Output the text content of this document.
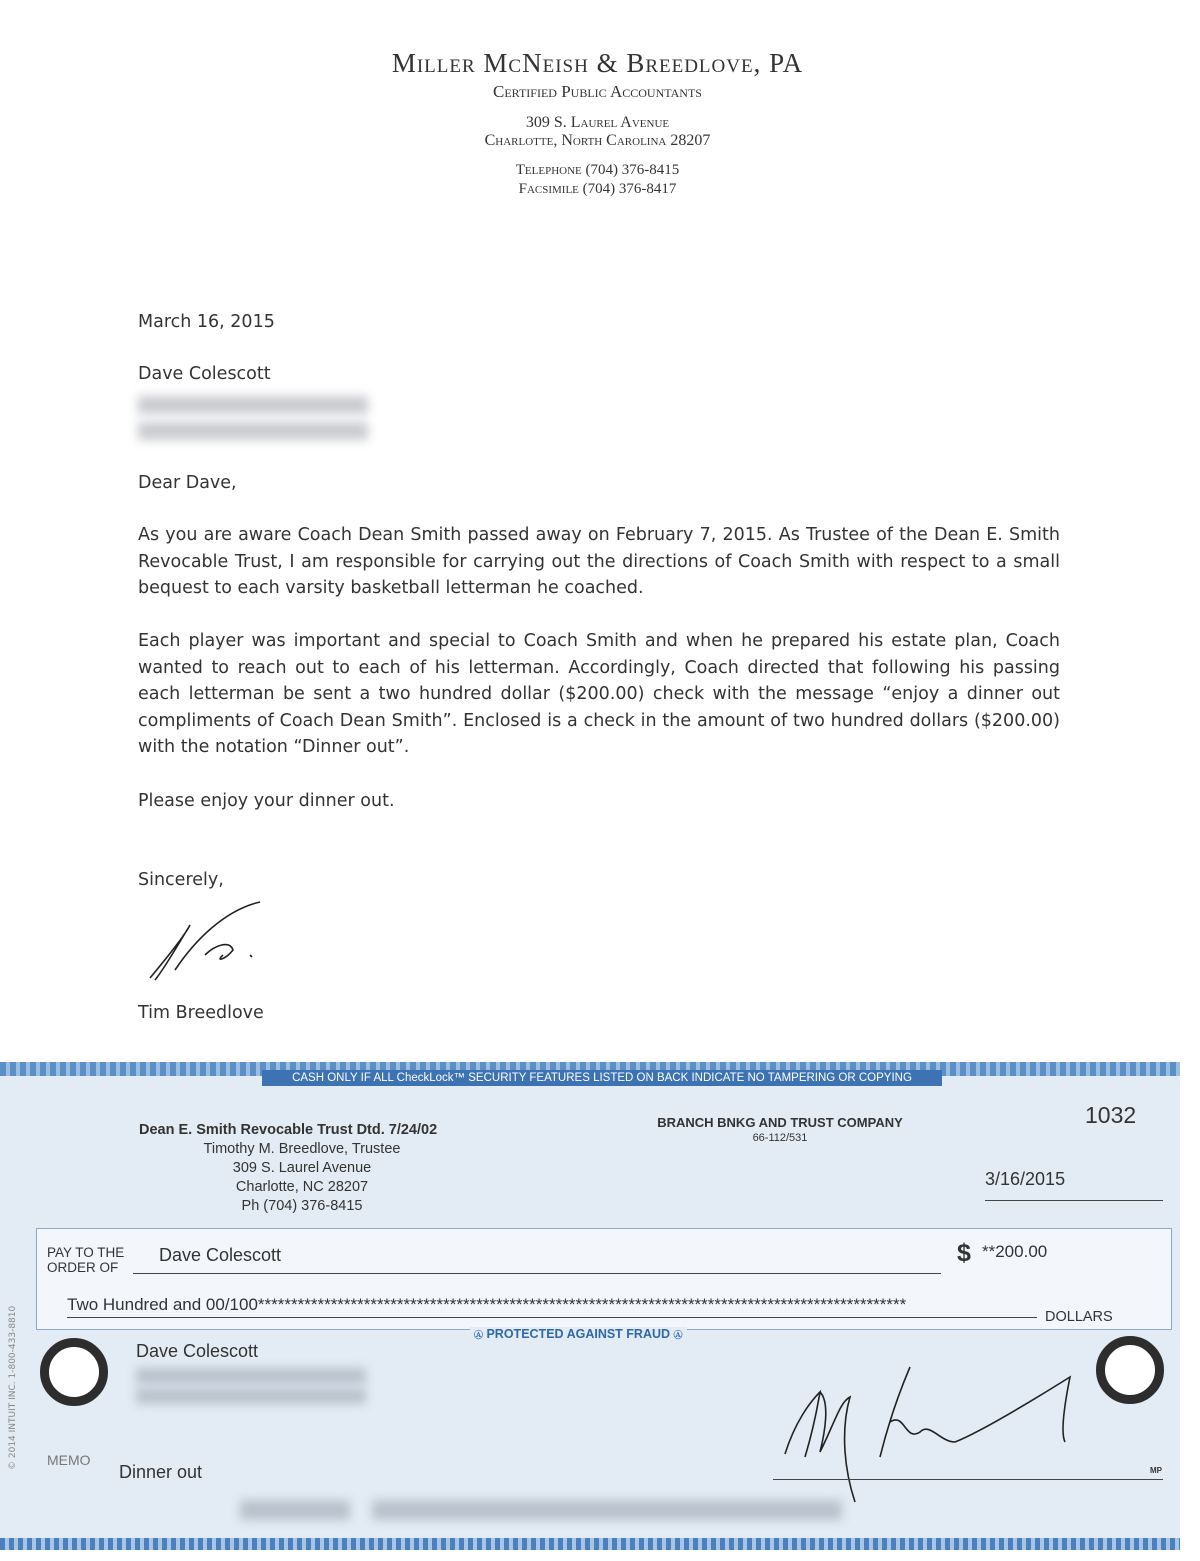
Miller McNeish & Breedlove, PA
Certified Public Accountants
309 S. Laurel Avenue
Charlotte, North Carolina 28207
Telephone (704) 376-8415
Facsimile (704) 376-8417
March 16, 2015
Dave Colescott
Dear Dave,
As you are aware Coach Dean Smith passed away on February 7, 2015. As Trustee of the Dean E. Smith Revocable Trust, I am responsible for carrying out the directions of Coach Smith with respect to a small bequest to each varsity basketball letterman he coached.
Each player was important and special to Coach Smith and when he prepared his estate plan, Coach wanted to reach out to each of his letterman. Accordingly, Coach directed that following his passing each letterman be sent a two hundred dollar ($200.00) check with the message “enjoy a dinner out compliments of Coach Dean Smith”. Enclosed is a check in the amount of two hundred dollars ($200.00) with the notation “Dinner out”.
Please enjoy your dinner out.
Sincerely,
Tim Breedlove
CASH ONLY IF ALL CheckLock™ SECURITY FEATURES LISTED ON BACK INDICATE NO TAMPERING OR COPYING
Dean E. Smith Revocable Trust Dtd. 7/24/02
Timothy M. Breedlove, Trustee
309 S. Laurel Avenue
Charlotte, NC 28207
Ph (704) 376-8415
BRANCH BNKG AND TRUST COMPANY
66-112/531
1032
3/16/2015
PAY TO THE
ORDER OF
Dave Colescott	$ **200.00
Two Hundred and 00/100**************************************************************************************************
DOLLARS
ⓐ PROTECTED AGAINST FRAUD ⓐ
Dave Colescott
MEMO
Dinner out	MP
© 2014 INTUIT INC. 1-800-433-8810
